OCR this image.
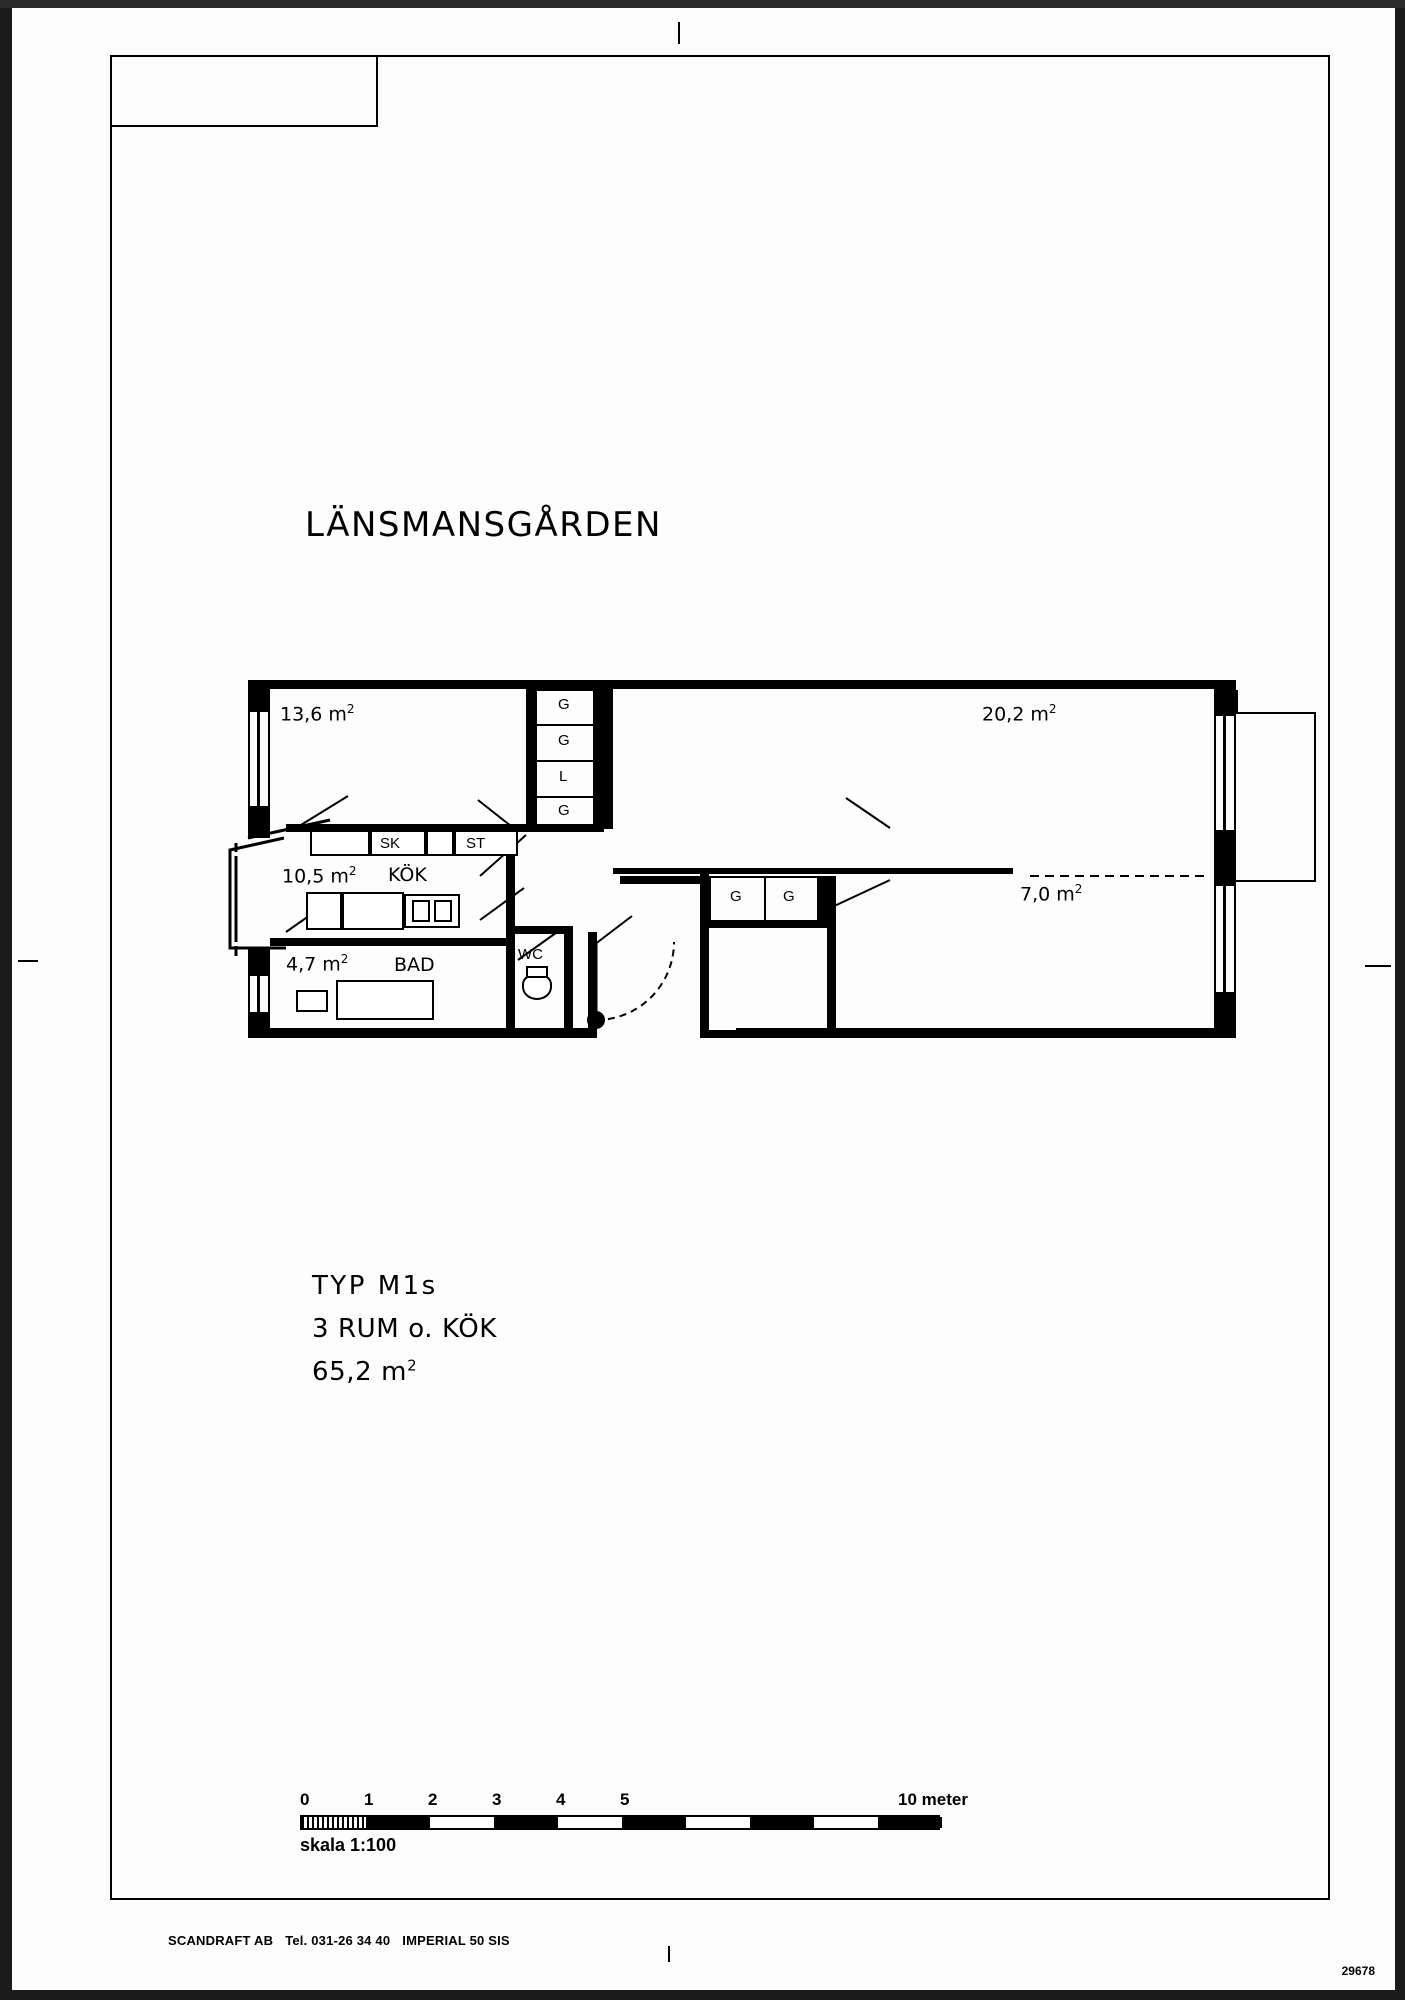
LÄNSMANSGÅRDEN
13,6 $m^2$	20,2 $m^2$
10,5 $m^2$ KÖK
7,0 $m^2$
4,7 $m^2$ BAD	WC
SK	ST
G
G
L
G
G	G
TYP M1s
3 RUM o. KÖK
65,2 $m^2$
0	1	2	3	4	5	10 meter
skala 1:100
SCANDRAFT AB Tel. 031-26 34 40 IMPERIAL 50 SIS
29678
